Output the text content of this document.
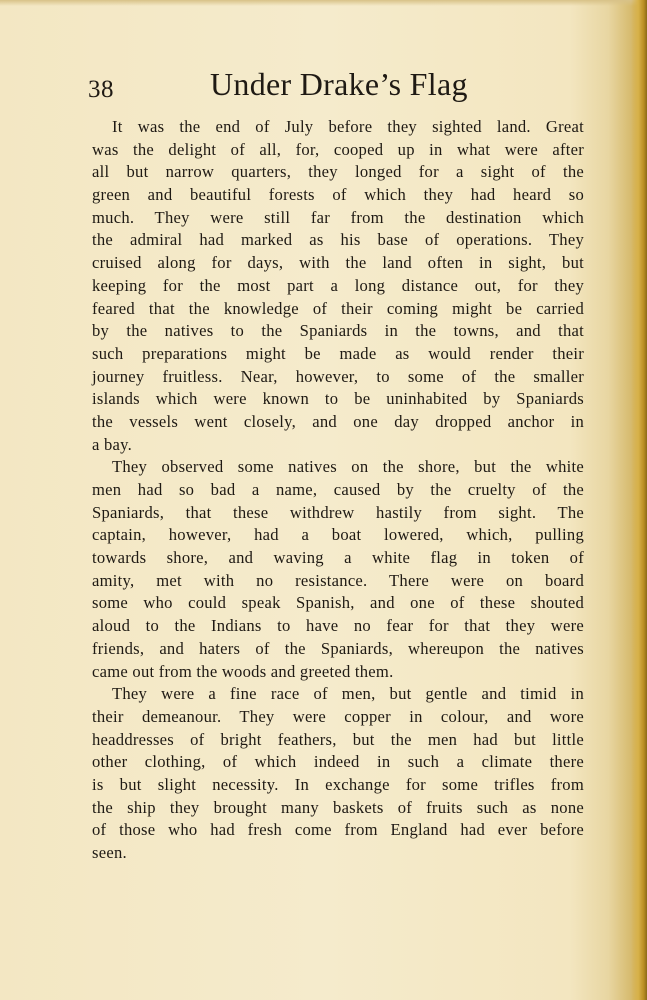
38	Under Drake’s Flag
It was the end of July before they sighted land. Great
was the delight of all, for, cooped up in what were after
all but narrow quarters, they longed for a sight of the
green and beautiful forests of which they had heard so
much. They were still far from the destination which
the admiral had marked as his base of operations. They
cruised along for days, with the land often in sight, but
keeping for the most part a long distance out, for they
feared that the knowledge of their coming might be carried
by the natives to the Spaniards in the towns, and that
such preparations might be made as would render their
journey fruitless. Near, however, to some of the smaller
islands which were known to be uninhabited by Spaniards
the vessels went closely, and one day dropped anchor in
a bay.
They observed some natives on the shore, but the white
men had so bad a name, caused by the cruelty of the
Spaniards, that these withdrew hastily from sight. The
captain, however, had a boat lowered, which, pulling
towards shore, and waving a white flag in token of
amity, met with no resistance. There were on board
some who could speak Spanish, and one of these shouted
aloud to the Indians to have no fear for that they were
friends, and haters of the Spaniards, whereupon the natives
came out from the woods and greeted them.
They were a fine race of men, but gentle and timid in
their demeanour. They were copper in colour, and wore
headdresses of bright feathers, but the men had but little
other clothing, of which indeed in such a climate there
is but slight necessity. In exchange for some trifles from
the ship they brought many baskets of fruits such as none
of those who had fresh come from England had ever before
seen.
